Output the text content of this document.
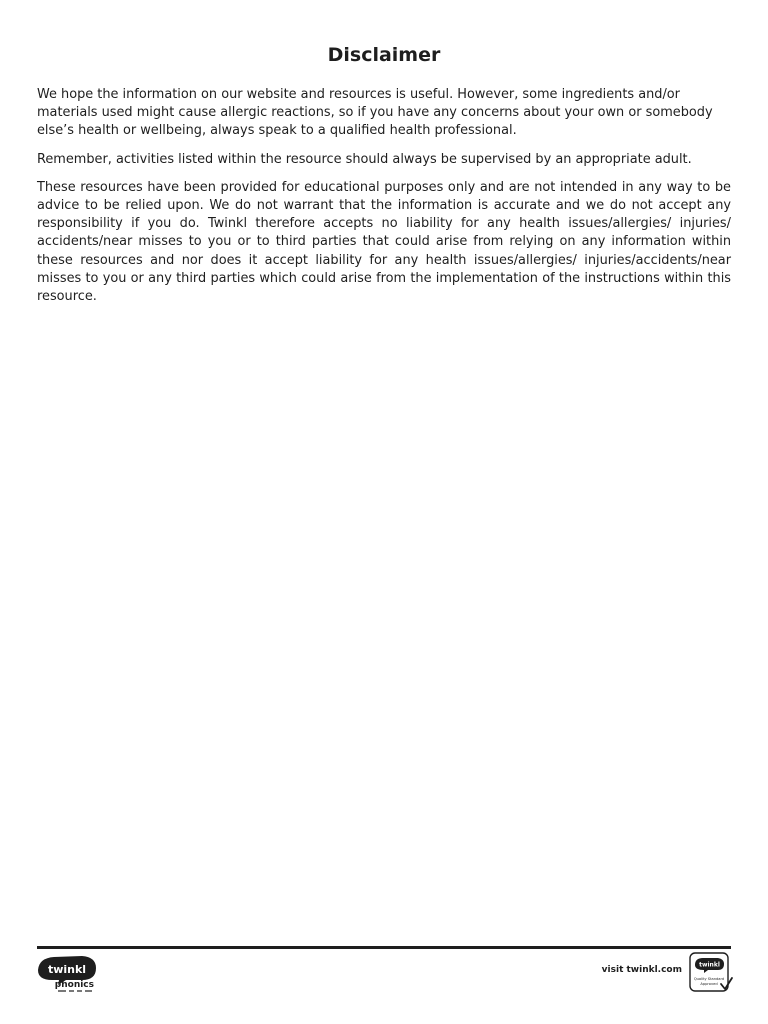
Disclaimer

We hope the information on our website and resources is useful. However, some ingredients and/or materials used might cause allergic reactions, so if you have any concerns about your own or somebody else’s health or wellbeing, always speak to a qualified health professional.

Remember, activities listed within the resource should always be supervised by an appropriate adult.

These resources have been provided for educational purposes only and are not intended in any way to be advice to be relied upon. We do not warrant that the information is accurate and we do not accept any responsibility if you do. Twinkl therefore accepts no liability for any health issues/allergies/ injuries/ accidents/near misses to you or to third parties that could arise from relying on any information within these resources and nor does it accept liability for any health issues/allergies/ injuries/accidents/near misses to you or any third parties which could arise from the implementation of the instructions within this resource.

twinkl
phonics
visit twinkl.com	twinkl
Quality Standard
Approved
